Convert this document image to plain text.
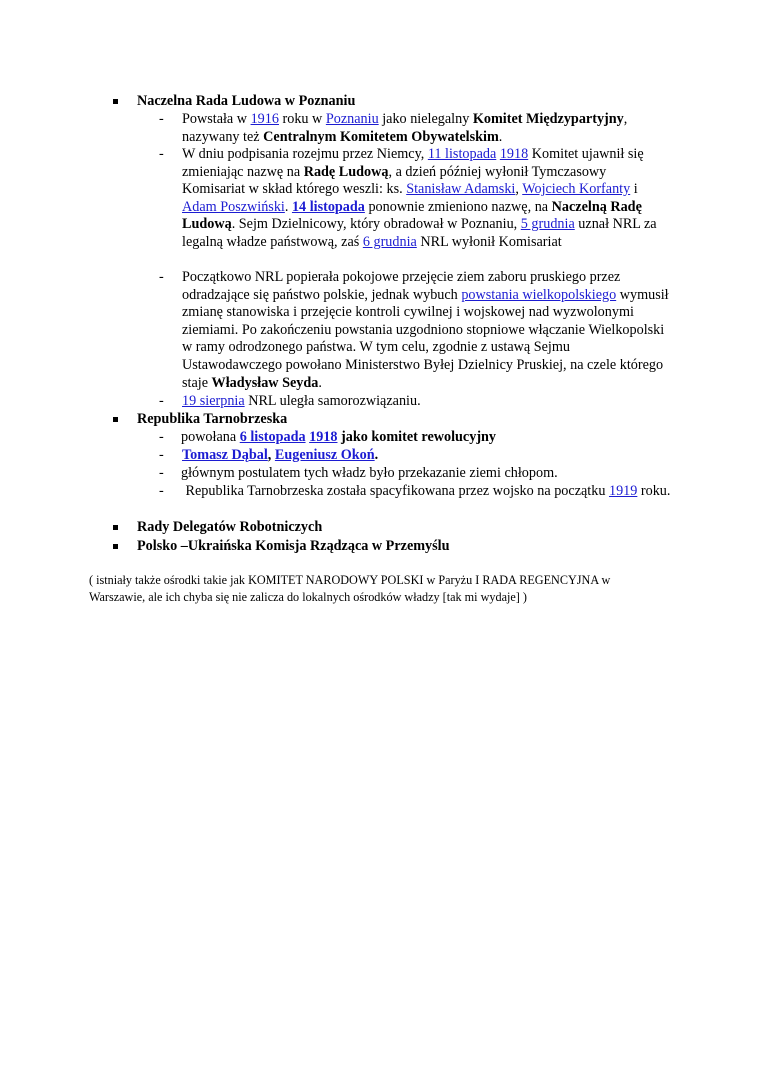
Naczelna Rada Ludowa w Poznaniu
- Powstała w 1916 roku w Poznaniu jako nielegalny Komitet Międzypartyjny, nazywany też Centralnym Komitetem Obywatelskim.
- W dniu podpisania rozejmu przez Niemcy, 11 listopada 1918 Komitet ujawnił się zmieniając nazwę na Radę Ludową, a dzień później wyłonił Tymczasowy Komisariat w skład którego weszli: ks. Stanisław Adamski, Wojciech Korfanty i Adam Poszwiński. 14 listopada ponownie zmieniono nazwę, na Naczelną Radę Ludową. Sejm Dzielnicowy, który obradował w Poznaniu, 5 grudnia uznał NRL za legalną władze państwową, zaś 6 grudnia NRL wyłonił Komisariat
- Początkowo NRL popierała pokojowe przejęcie ziem zaboru pruskiego przez odradzające się państwo polskie, jednak wybuch powstania wielkopolskiego wymusił zmianę stanowiska i przejęcie kontroli cywilnej i wojskowej nad wyzwolonymi ziemiami. Po zakończeniu powstania uzgodniono stopniowe włączanie Wielkopolski w ramy odrodzonego państwa. W tym celu, zgodnie z ustawą Sejmu Ustawodawczego powołano Ministerstwo Byłej Dzielnicy Pruskiej, na czele którego staje Władysław Seyda.
- 19 sierpnia NRL uległa samorozwiązaniu.
Republika Tarnobrzeska
- powołana 6 listopada 1918 jako komitet rewolucyjny
- Tomasz Dąbal, Eugeniusz Okoń.
- głównym postulatem tych władz było przekazanie ziemi chłopom.
- Republika Tarnobrzeska została spacyfikowana przez wojsko na początku 1919 roku.
Rady Delegatów Robotniczych
Polsko –Ukraińska Komisja Rządząca w Przemyślu
( istniały także ośrodki takie jak KOMITET NARODOWY POLSKI w Paryżu I RADA REGENCYJNA w Warszawie, ale ich chyba się nie zalicza do lokalnych ośrodków władzy [tak mi wydaje] )
